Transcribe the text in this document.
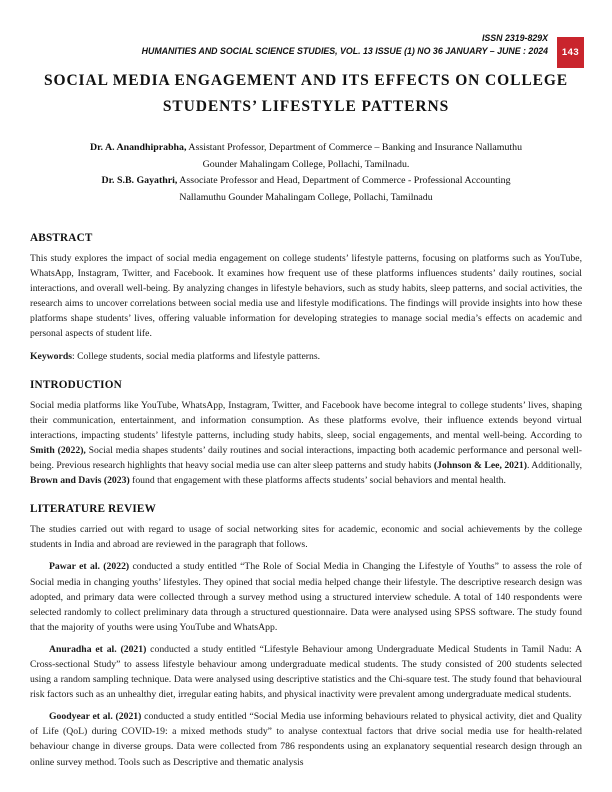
ISSN 2319-829X
HUMANITIES AND SOCIAL SCIENCE STUDIES, VOL. 13 ISSUE (1) NO 36 JANUARY – JUNE : 2024	143
SOCIAL MEDIA ENGAGEMENT AND ITS EFFECTS ON COLLEGE
STUDENTS’ LIFESTYLE PATTERNS
Dr. A. Anandhiprabha, Assistant Professor, Department of Commerce – Banking and Insurance Nallamuthu
Gounder Mahalingam College, Pollachi, Tamilnadu.
Dr. S.B. Gayathri, Associate Professor and Head, Department of Commerce - Professional Accounting
Nallamuthu Gounder Mahalingam College, Pollachi, Tamilnadu
ABSTRACT

This study explores the impact of social media engagement on college students’ lifestyle patterns, focusing on platforms such as YouTube, WhatsApp, Instagram, Twitter, and Facebook. It examines how frequent use of these platforms influences students’ daily routines, social interactions, and overall well-being. By analyzing changes in lifestyle behaviors, such as study habits, sleep patterns, and social activities, the research aims to uncover correlations between social media use and lifestyle modifications. The findings will provide insights into how these platforms shape students’ lives, offering valuable information for developing strategies to manage social media’s effects on academic and personal aspects of student life.

Keywords: College students, social media platforms and lifestyle patterns.

INTRODUCTION

Social media platforms like YouTube, WhatsApp, Instagram, Twitter, and Facebook have become integral to college students’ lives, shaping their communication, entertainment, and information consumption. As these platforms evolve, their influence extends beyond virtual interactions, impacting students’ lifestyle patterns, including study habits, sleep, social engagements, and mental well-being. According to Smith (2022), Social media shapes students’ daily routines and social interactions, impacting both academic performance and personal well-being. Previous research highlights that heavy social media use can alter sleep patterns and study habits (Johnson & Lee, 2021). Additionally, Brown and Davis (2023) found that engagement with these platforms affects students’ social behaviors and mental health.

LITERATURE REVIEW

The studies carried out with regard to usage of social networking sites for academic, economic and social achievements by the college students in India and abroad are reviewed in the paragraph that follows.

Pawar et al. (2022) conducted a study entitled “The Role of Social Media in Changing the Lifestyle of Youths” to assess the role of Social media in changing youths’ lifestyles. They opined that social media helped change their lifestyle. The descriptive research design was adopted, and primary data were collected through a survey method using a structured interview schedule. A total of 140 respondents were selected randomly to collect preliminary data through a structured questionnaire. Data were analysed using SPSS software. The study found that the majority of youths were using YouTube and WhatsApp.

Anuradha et al. (2021) conducted a study entitled “Lifestyle Behaviour among Undergraduate Medical Students in Tamil Nadu: A Cross-sectional Study” to assess lifestyle behaviour among undergraduate medical students. The study consisted of 200 students selected using a random sampling technique. Data were analysed using descriptive statistics and the Chi-square test. The study found that behavioural risk factors such as an unhealthy diet, irregular eating habits, and physical inactivity were prevalent among undergraduate medical students.

Goodyear et al. (2021) conducted a study entitled “Social Media use informing behaviours related to physical activity, diet and Quality of Life (QoL) during COVID-19: a mixed methods study” to analyse contextual factors that drive social media use for health-related behaviour change in diverse groups. Data were collected from 786 respondents using an explanatory sequential research design through an online survey method. Tools such as Descriptive and thematic analysis
